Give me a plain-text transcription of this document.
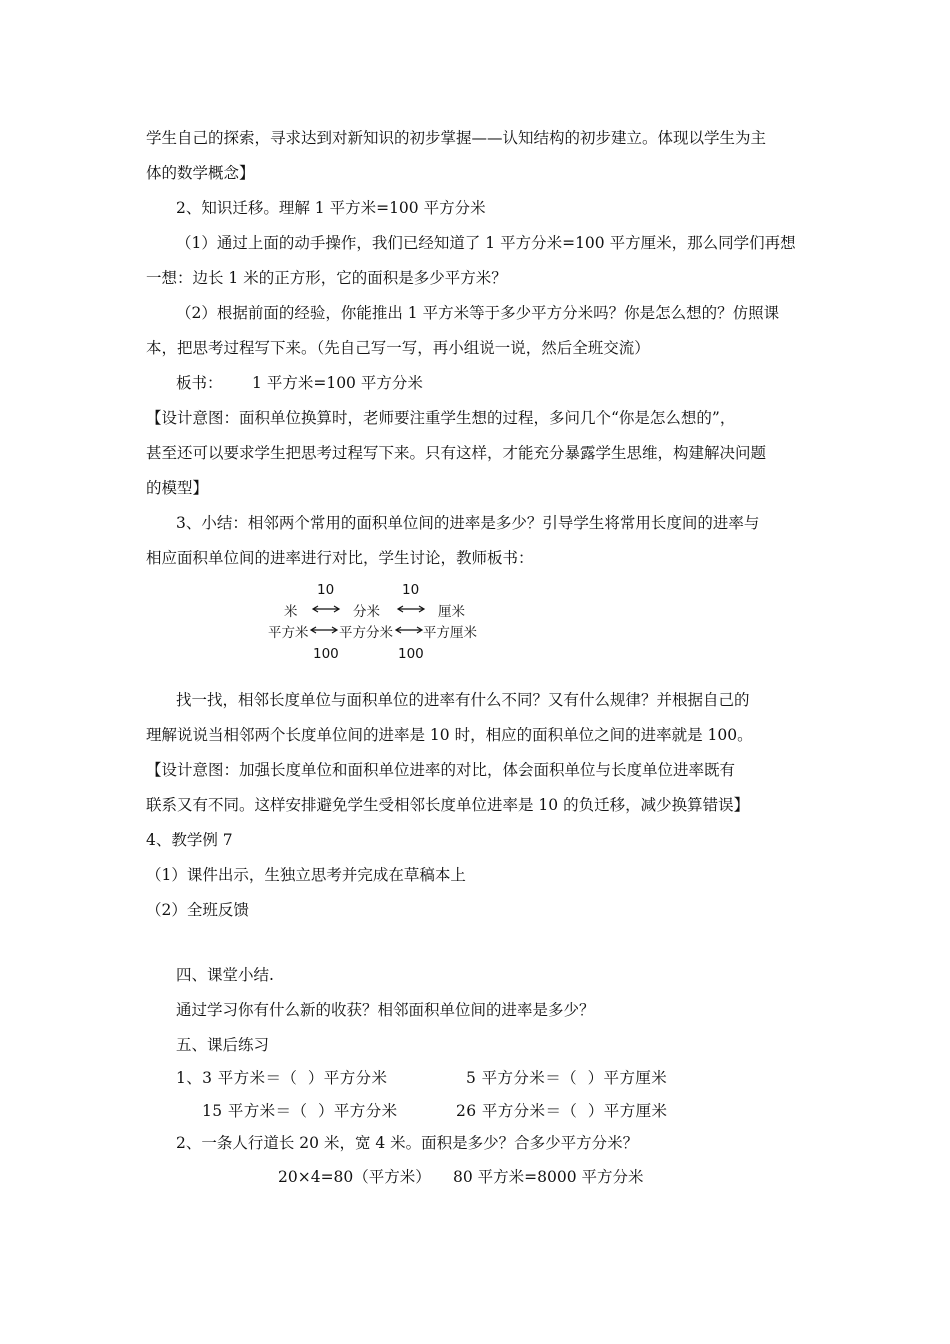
学生自己的探索，寻求达到对新知识的初步掌握——认知结构的初步建立。体现以学生为主
体的数学概念】
2、知识迁移。理解 1 平方米=100 平方分米
（1）通过上面的动手操作，我们已经知道了 1 平方分米=100 平方厘米，那么同学们再想
一想：边长 1 米的正方形，它的面积是多少平方米？
（2）根据前面的经验，你能推出 1 平方米等于多少平方分米吗？你是怎么想的？仿照课
本，把思考过程写下来。（先自己写一写，再小组说一说，然后全班交流）
板书：      1 平方米=100 平方分米
【设计意图：面积单位换算时，老师要注重学生想的过程，多问几个“你是怎么想的”，
甚至还可以要求学生把思考过程写下来。只有这样，才能充分暴露学生思维，构建解决问题
的模型】
3、小结：相邻两个常用的面积单位间的进率是多少？引导学生将常用长度间的进率与
相应面积单位间的进率进行对比，学生讨论，教师板书：
10	10
米	分米	厘米
平方米 平方分米 平方厘米
100	100
找一找，相邻长度单位与面积单位的进率有什么不同？又有什么规律？并根据自己的
理解说说当相邻两个长度单位间的进率是 10 时，相应的面积单位之间的进率就是 100。
【设计意图：加强长度单位和面积单位进率的对比，体会面积单位与长度单位进率既有
联系又有不同。这样安排避免学生受相邻长度单位进率是 10 的负迁移，减少换算错误】
4、教学例 7
（1）课件出示，生独立思考并完成在草稿本上
（2）全班反馈
四、课堂小结.
通过学习你有什么新的收获？相邻面积单位间的进率是多少？
五、课后练习
1、3 平方米＝（  ）平方分米	5 平方分米＝（  ）平方厘米
15 平方米＝（  ）平方分米	26 平方分米＝（  ）平方厘米
2、一条人行道长 20 米，宽 4 米。面积是多少？合多少平方分米？
20×4=80（平方米） 80 平方米=8000 平方分米
